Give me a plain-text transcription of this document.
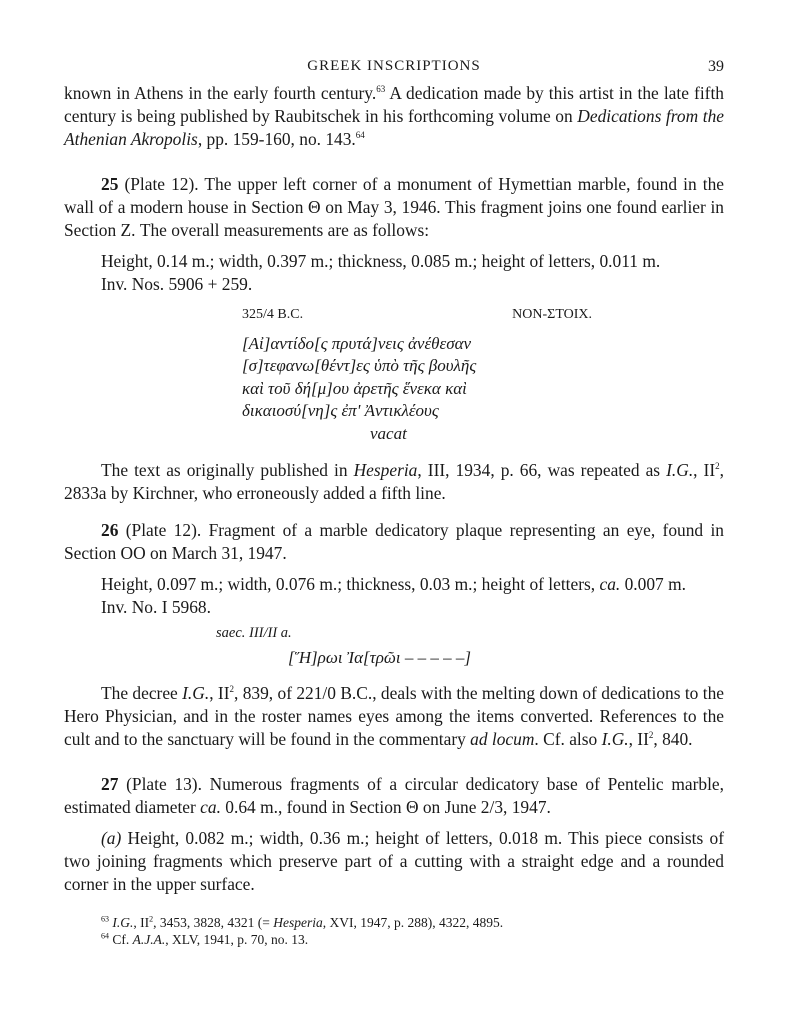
GREEK INSCRIPTIONS	39

known in Athens in the early fourth century.$^{63}$ A dedication made by this artist in the late fifth century is being published by Raubitschek in his forthcoming volume on Dedications from the Athenian Akropolis, pp. 159-160, no. 143.64

25 (Plate 12). The upper left corner of a monument of Hymettian marble, found in the wall of a modern house in Section Θ on May 3, 1946. This fragment joins one found earlier in Section Ζ. The overall measurements are as follows:

Height, 0.14 m.; width, 0.397 m.; thickness, 0.085 m.; height of letters, 0.011 m.

Inv. Nos. 5906 + 259.

325/4 B.C.	NON-ΣΤΟΙΧ.
[Αἰ]αντίδο[ς πρυτά]νεις ἀνέθεσαν
[σ]τεφανω[θέντ]ες ὑπὸ τῆς βουλῆς
καὶ τοῦ δή[μ]ου ἀρετῆς ἕνεκα καὶ
δικαιοσύ[νη]ς ἐπ' Ἀντικλέους
vacat

The text as originally published in Hesperia, III, 1934, p. 66, was repeated as I.G., $II^2$, 2833a by Kirchner, who erroneously added a fifth line.

26 (Plate 12). Fragment of a marble dedicatory plaque representing an eye, found in Section ΟΟ on March 31, 1947.

Height, 0.097 m.; width, 0.076 m.; thickness, 0.03 m.; height of letters, ca. 0.007 m.

Inv. No. I 5968.

saec. III/II a.
[Ἥ]ρωι Ἰα[τρῶι – – – – –]

The decree I.G., $II^2$, 839, of 221/0 B.C., deals with the melting down of dedications to the Hero Physician, and in the roster names eyes among the items converted. References to the cult and to the sanctuary will be found in the commentary ad locum. Cf. also I.G., $II^2$, 840.

27 (Plate 13). Numerous fragments of a circular dedicatory base of Pentelic marble, estimated diameter ca. 0.64 m., found in Section Θ on June 2/3, 1947.

(a) Height, 0.082 m.; width, 0.36 m.; height of letters, 0.018 m. This piece consists of two joining fragments which preserve part of a cutting with a straight edge and a rounded corner in the upper surface.

$^{63}$ I.G., $II^2$, 3453, 3828, 4321 (= Hesperia, XVI, 1947, p. 288), 4322, 4895.
$^{64}$ Cf. A.J.A., XLV, 1941, p. 70, no. 13.
